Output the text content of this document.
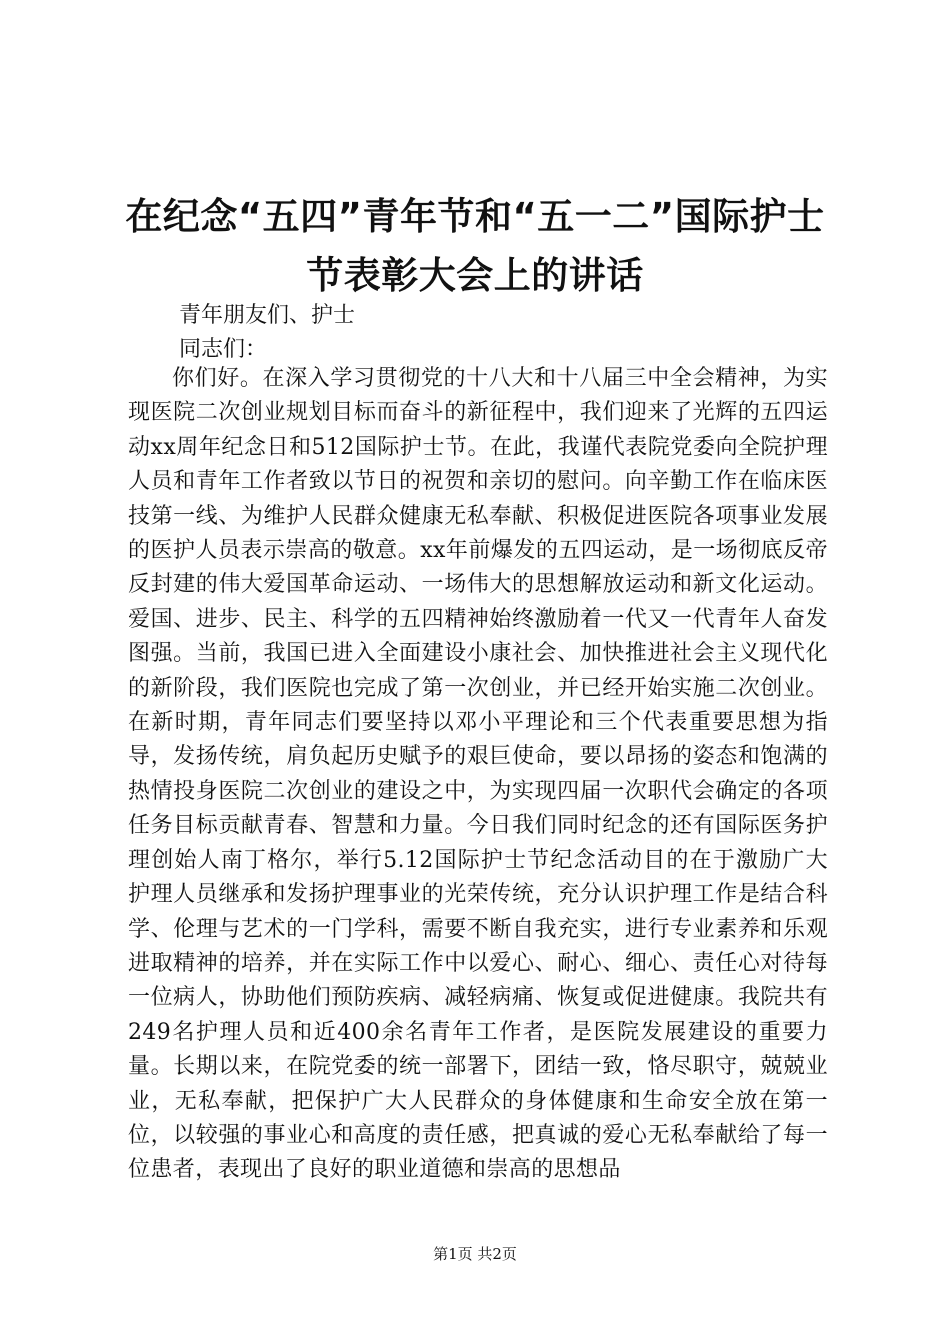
在纪念“五四”青年节和“五一二”国际护士
节表彰大会上的讲话

青年朋友们、护士

同志们：

你们好。在深入学习贯彻党的十八大和十八届三中全会精神，为实现医院二次创业规划目标而奋斗的新征程中，我们迎来了光辉的五四运动xx周年纪念日和512国际护士节。在此，我谨代表院党委向全院护理人员和青年工作者致以节日的祝贺和亲切的慰问。向辛勤工作在临床医技第一线、为维护人民群众健康无私奉献、积极促进医院各项事业发展的医护人员表示崇高的敬意。xx年前爆发的五四运动，是一场彻底反帝反封建的伟大爱国革命运动、一场伟大的思想解放运动和新文化运动。爱国、进步、民主、科学的五四精神始终激励着一代又一代青年人奋发图强。当前，我国已进入全面建设小康社会、加快推进社会主义现代化的新阶段，我们医院也完成了第一次创业，并已经开始实施二次创业。在新时期，青年同志们要坚持以邓小平理论和三个代表重要思想为指导，发扬传统，肩负起历史赋予的艰巨使命，要以昂扬的姿态和饱满的热情投身医院二次创业的建设之中，为实现四届一次职代会确定的各项任务目标贡献青春、智慧和力量。今日我们同时纪念的还有国际医务护理创始人南丁格尔，举行5.12国际护士节纪念活动目的在于激励广大护理人员继承和发扬护理事业的光荣传统，充分认识护理工作是结合科学、伦理与艺术的一门学科，需要不断自我充实，进行专业素养和乐观进取精神的培养，并在实际工作中以爱心、耐心、细心、责任心对待每一位病人，协助他们预防疾病、减轻病痛、恢复或促进健康。我院共有249名护理人员和近400余名青年工作者，是医院发展建设的重要力量。长期以来，在院党委的统一部署下，团结一致，恪尽职守，兢兢业业，无私奉献，把保护广大人民群众的身体健康和生命安全放在第一位，以较强的事业心和高度的责任感，把真诚的爱心无私奉献给了每一位患者，表现出了良好的职业道德和崇高的思想品

第1页 共2页
